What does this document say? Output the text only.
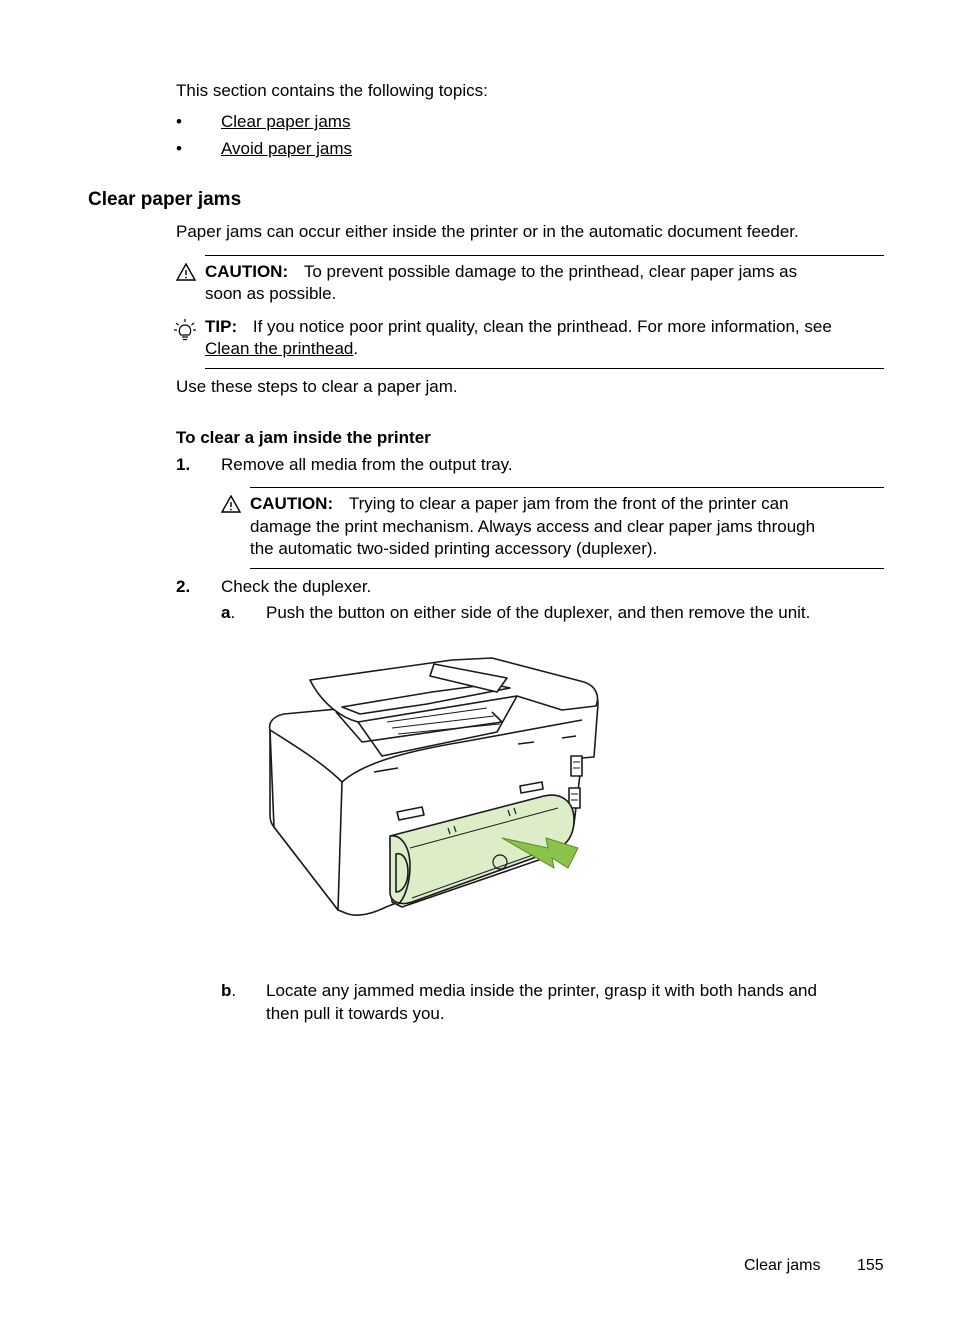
This section contains the following topics:
• Clear paper jams
• Avoid paper jams
Clear paper jams
Paper jams can occur either inside the printer or in the automatic document feeder.
CAUTION: To prevent possible damage to the printhead, clear paper jams as
soon as possible.
TIP: If you notice poor print quality, clean the printhead. For more information, see
Clean the printhead.
Use these steps to clear a paper jam.
To clear a jam inside the printer
1. Remove all media from the output tray.
CAUTION: Trying to clear a paper jam from the front of the printer can
damage the print mechanism. Always access and clear paper jams through
the automatic two-sided printing accessory (duplexer).
2. Check the duplexer.
a. Push the button on either side of the duplexer, and then remove the unit.
b. Locate any jammed media inside the printer, grasp it with both hands and
then pull it towards you.
Clear jams 155
